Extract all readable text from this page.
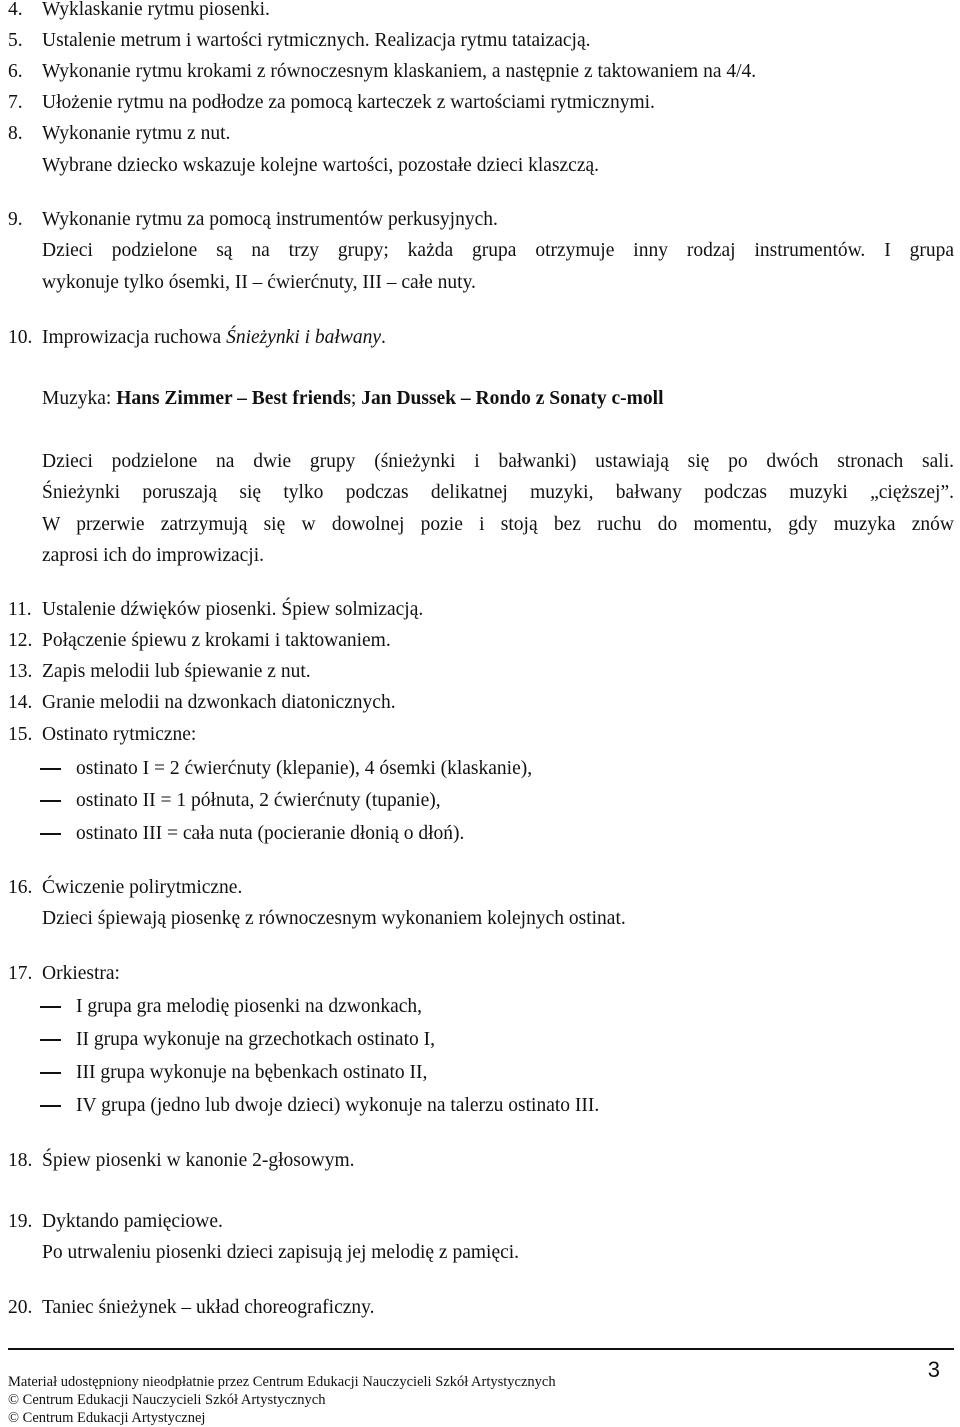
4. Wyklaskanie rytmu piosenki.
5. Ustalenie metrum i wartości rytmicznych. Realizacja rytmu tataizacją.
6. Wykonanie rytmu krokami z równoczesnym klaskaniem, a następnie z taktowaniem na 4/4.
7. Ułożenie rytmu na podłodze za pomocą karteczek z wartościami rytmicznymi.
8. Wykonanie rytmu z nut.
Wybrane dziecko wskazuje kolejne wartości, pozostałe dzieci klaszczą.
9. Wykonanie rytmu za pomocą instrumentów perkusyjnych.
Dzieci podzielone są na trzy grupy; każda grupa otrzymuje inny rodzaj instrumentów. I grupa
wykonuje tylko ósemki, II – ćwierćnuty, III – całe nuty.
10. Improwizacja ruchowa Śnieżynki i bałwany.
Muzyka: Hans Zimmer – Best friends; Jan Dussek – Rondo z Sonaty c-moll
Dzieci podzielone na dwie grupy (śnieżynki i bałwanki) ustawiają się po dwóch stronach sali.
Śnieżynki poruszają się tylko podczas delikatnej muzyki, bałwany podczas muzyki „cięższej”.
W przerwie zatrzymują się w dowolnej pozie i stoją bez ruchu do momentu, gdy muzyka znów
zaprosi ich do improwizacji.
11. Ustalenie dźwięków piosenki. Śpiew solmizacją.
12. Połączenie śpiewu z krokami i taktowaniem.
13. Zapis melodii lub śpiewanie z nut.
14. Granie melodii na dzwonkach diatonicznych.
15. Ostinato rytmiczne:
ostinato I = 2 ćwierćnuty (klepanie), 4 ósemki (klaskanie),
ostinato II = 1 półnuta, 2 ćwierćnuty (tupanie),
ostinato III = cała nuta (pocieranie dłonią o dłoń).
16. Ćwiczenie polirytmiczne.
Dzieci śpiewają piosenkę z równoczesnym wykonaniem kolejnych ostinat.
17. Orkiestra:
I grupa gra melodię piosenki na dzwonkach,
II grupa wykonuje na grzechotkach ostinato I,
III grupa wykonuje na bębenkach ostinato II,
IV grupa (jedno lub dwoje dzieci) wykonuje na talerzu ostinato III.
18. Śpiew piosenki w kanonie 2-głosowym.
19. Dyktando pamięciowe.
Po utrwaleniu piosenki dzieci zapisują jej melodię z pamięci.
20. Taniec śnieżynek – układ choreograficzny.
Materiał udostępniony nieodpłatnie przez Centrum Edukacji Nauczycieli Szkół Artystycznych
© Centrum Edukacji Nauczycieli Szkół Artystycznych
© Centrum Edukacji Artystycznej
3
